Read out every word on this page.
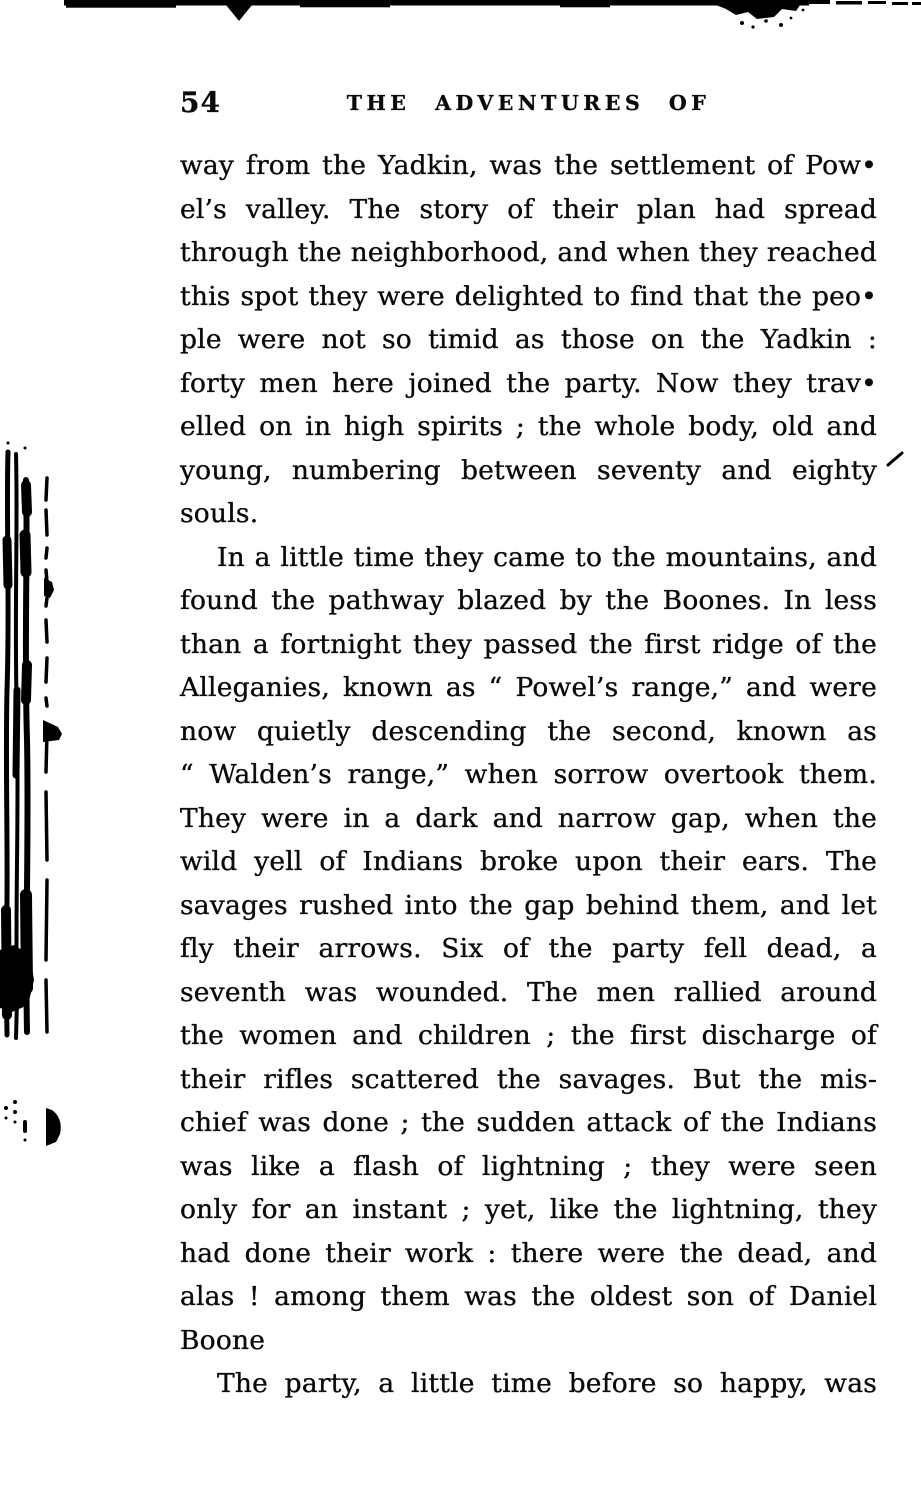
54	THE ADVENTURES OF
way from the Yadkin, was the settlement of Pow•
el’s valley. The story of their plan had spread
through the neighborhood, and when they reached
this spot they were delighted to find that the peo•
ple were not so timid as those on the Yadkin :
forty men here joined the party. Now they trav•
elled on in high spirits ; the whole body, old and
young, numbering between seventy and eighty
souls.
In a little time they came to the mountains, and
found the pathway blazed by the Boones. In less
than a fortnight they passed the first ridge of the
Alleganies, known as “ Powel’s range,” and were
now quietly descending the second, known as
“ Walden’s range,” when sorrow overtook them.
They were in a dark and narrow gap, when the
wild yell of Indians broke upon their ears. The
savages rushed into the gap behind them, and let
fly their arrows. Six of the party fell dead, a
seventh was wounded. The men rallied around
the women and children ; the first discharge of
their rifles scattered the savages. But the mis-
chief was done ; the sudden attack of the Indians
was like a flash of lightning ; they were seen
only for an instant ; yet, like the lightning, they
had done their work : there were the dead, and
alas ! among them was the oldest son of Daniel
Boone
The party, a little time before so happy, was
